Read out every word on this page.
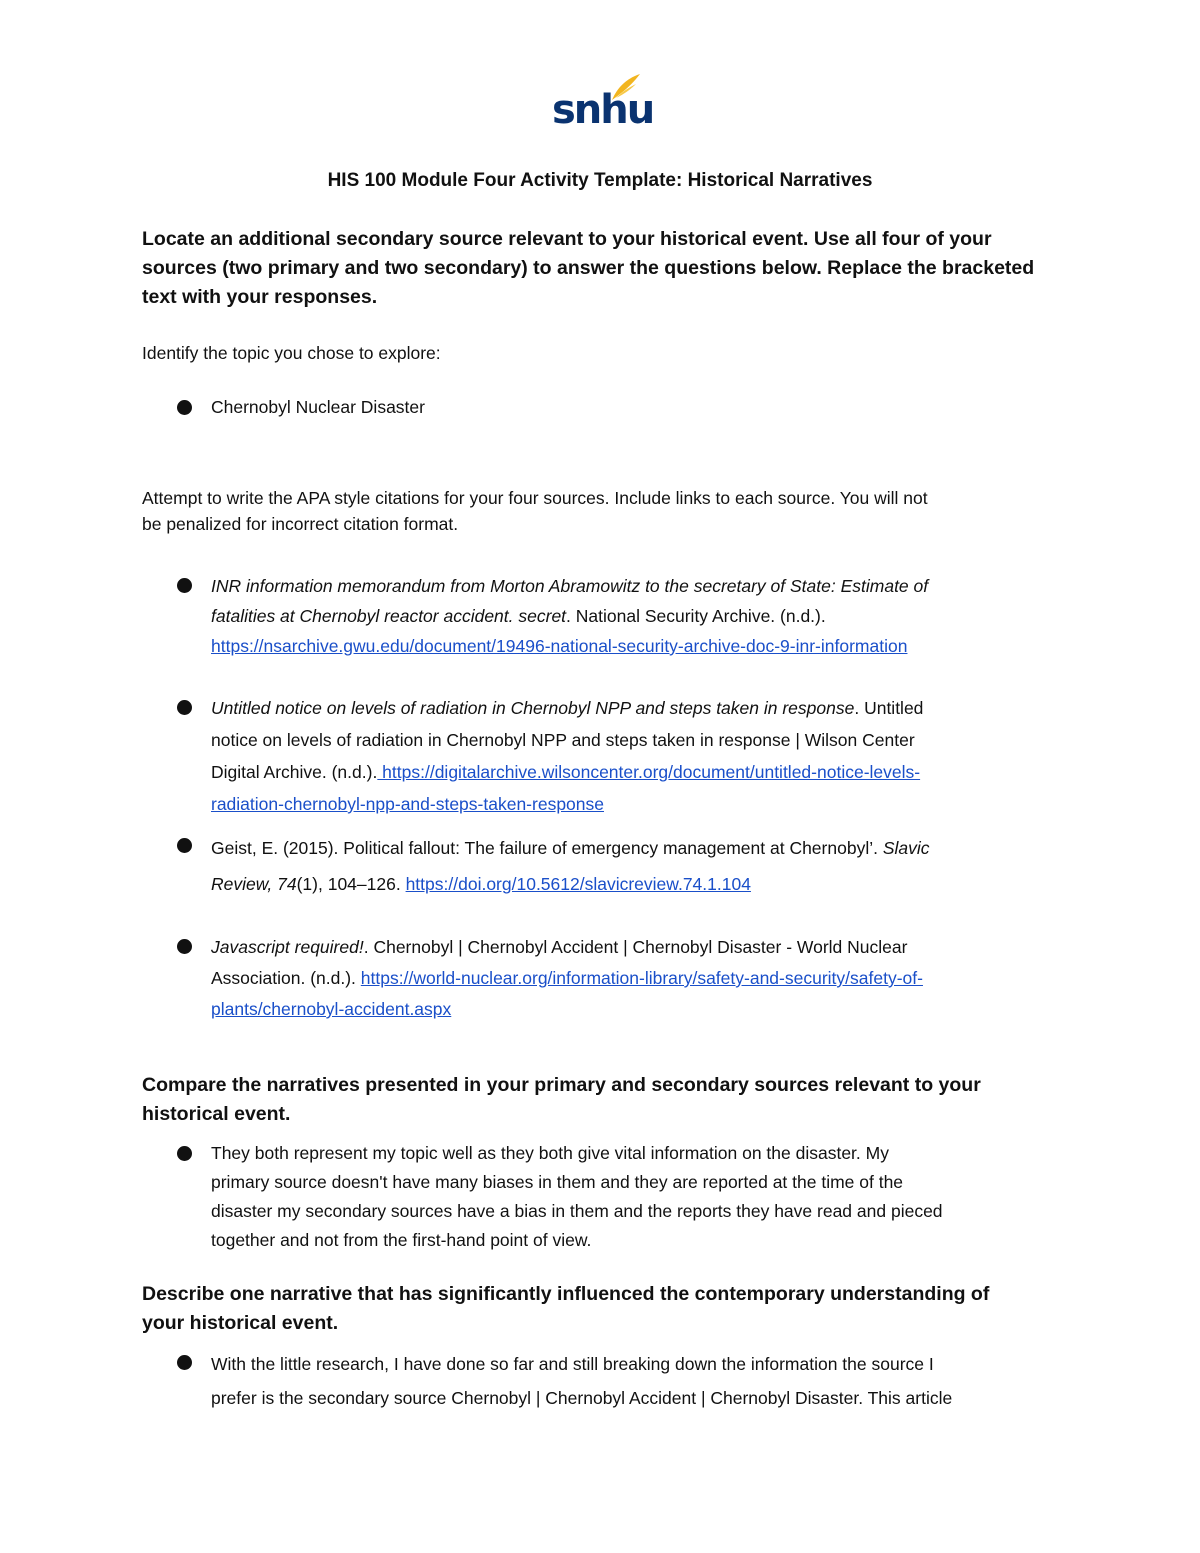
snhu
HIS 100 Module Four Activity Template: Historical Narratives
Locate an additional secondary source relevant to your historical event. Use all four of your
sources (two primary and two secondary) to answer the questions below. Replace the bracketed
text with your responses.
Identify the topic you chose to explore:
Chernobyl Nuclear Disaster
Attempt to write the APA style citations for your four sources. Include links to each source. You will not
be penalized for incorrect citation format.
INR information memorandum from Morton Abramowitz to the secretary of State: Estimate of
fatalities at Chernobyl reactor accident. secret. National Security Archive. (n.d.).
https://nsarchive.gwu.edu/document/19496-national-security-archive-doc-9-inr-information
Untitled notice on levels of radiation in Chernobyl NPP and steps taken in response. Untitled
notice on levels of radiation in Chernobyl NPP and steps taken in response | Wilson Center
Digital Archive. (n.d.). https://digitalarchive.wilsoncenter.org/document/untitled-notice-levels-
radiation-chernobyl-npp-and-steps-taken-response
Geist, E. (2015). Political fallout: The failure of emergency management at Chernobyl’. Slavic
Review, 74(1), 104–126. https://doi.org/10.5612/slavicreview.74.1.104
Javascript required!. Chernobyl | Chernobyl Accident | Chernobyl Disaster - World Nuclear
Association. (n.d.). https://world-nuclear.org/information-library/safety-and-security/safety-of-
plants/chernobyl-accident.aspx
Compare the narratives presented in your primary and secondary sources relevant to your
historical event.
They both represent my topic well as they both give vital information on the disaster. My
primary source doesn't have many biases in them and they are reported at the time of the
disaster my secondary sources have a bias in them and the reports they have read and pieced
together and not from the first-hand point of view.
Describe one narrative that has significantly influenced the contemporary understanding of
your historical event.
With the little research, I have done so far and still breaking down the information the source I
prefer is the secondary source Chernobyl | Chernobyl Accident | Chernobyl Disaster. This article
